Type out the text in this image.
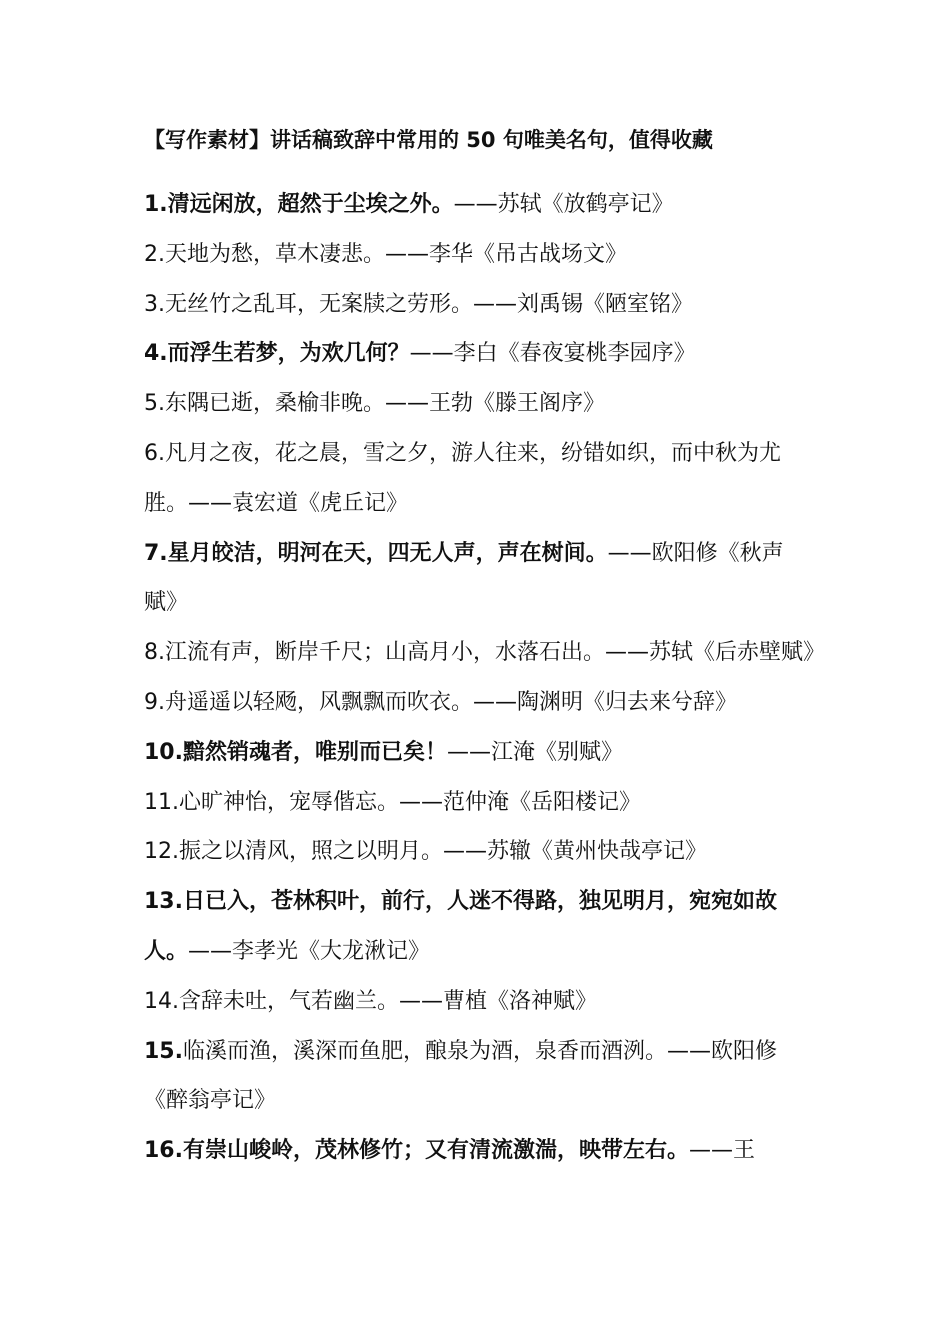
【写作素材】讲话稿致辞中常用的 50 句唯美名句，值得收藏
1.清远闲放，超然于尘埃之外。——苏轼《放鹤亭记》
2.天地为愁，草木凄悲。——李华《吊古战场文》
3.无丝竹之乱耳，无案牍之劳形。——刘禹锡《陋室铭》
4.而浮生若梦，为欢几何？——李白《春夜宴桃李园序》
5.东隅已逝，桑榆非晚。——王勃《滕王阁序》
6.凡月之夜，花之晨，雪之夕，游人往来，纷错如织，而中秋为尤胜。——袁宏道《虎丘记》
7.星月皎洁，明河在天，四无人声，声在树间。——欧阳修《秋声赋》
8.江流有声，断岸千尺；山高月小，水落石出。——苏轼《后赤壁赋》
9.舟遥遥以轻飏，风飘飘而吹衣。——陶渊明《归去来兮辞》
10.黯然销魂者，唯别而已矣！——江淹《别赋》
11.心旷神怡，宠辱偕忘。——范仲淹《岳阳楼记》
12.振之以清风，照之以明月。——苏辙《黄州快哉亭记》
13.日已入，苍林积叶，前行，人迷不得路，独见明月，宛宛如故人。——李孝光《大龙湫记》
14.含辞未吐，气若幽兰。——曹植《洛神赋》
15.临溪而渔，溪深而鱼肥，酿泉为酒，泉香而酒洌。——欧阳修《醉翁亭记》
16.有崇山峻岭，茂林修竹；又有清流激湍，映带左右。——王
